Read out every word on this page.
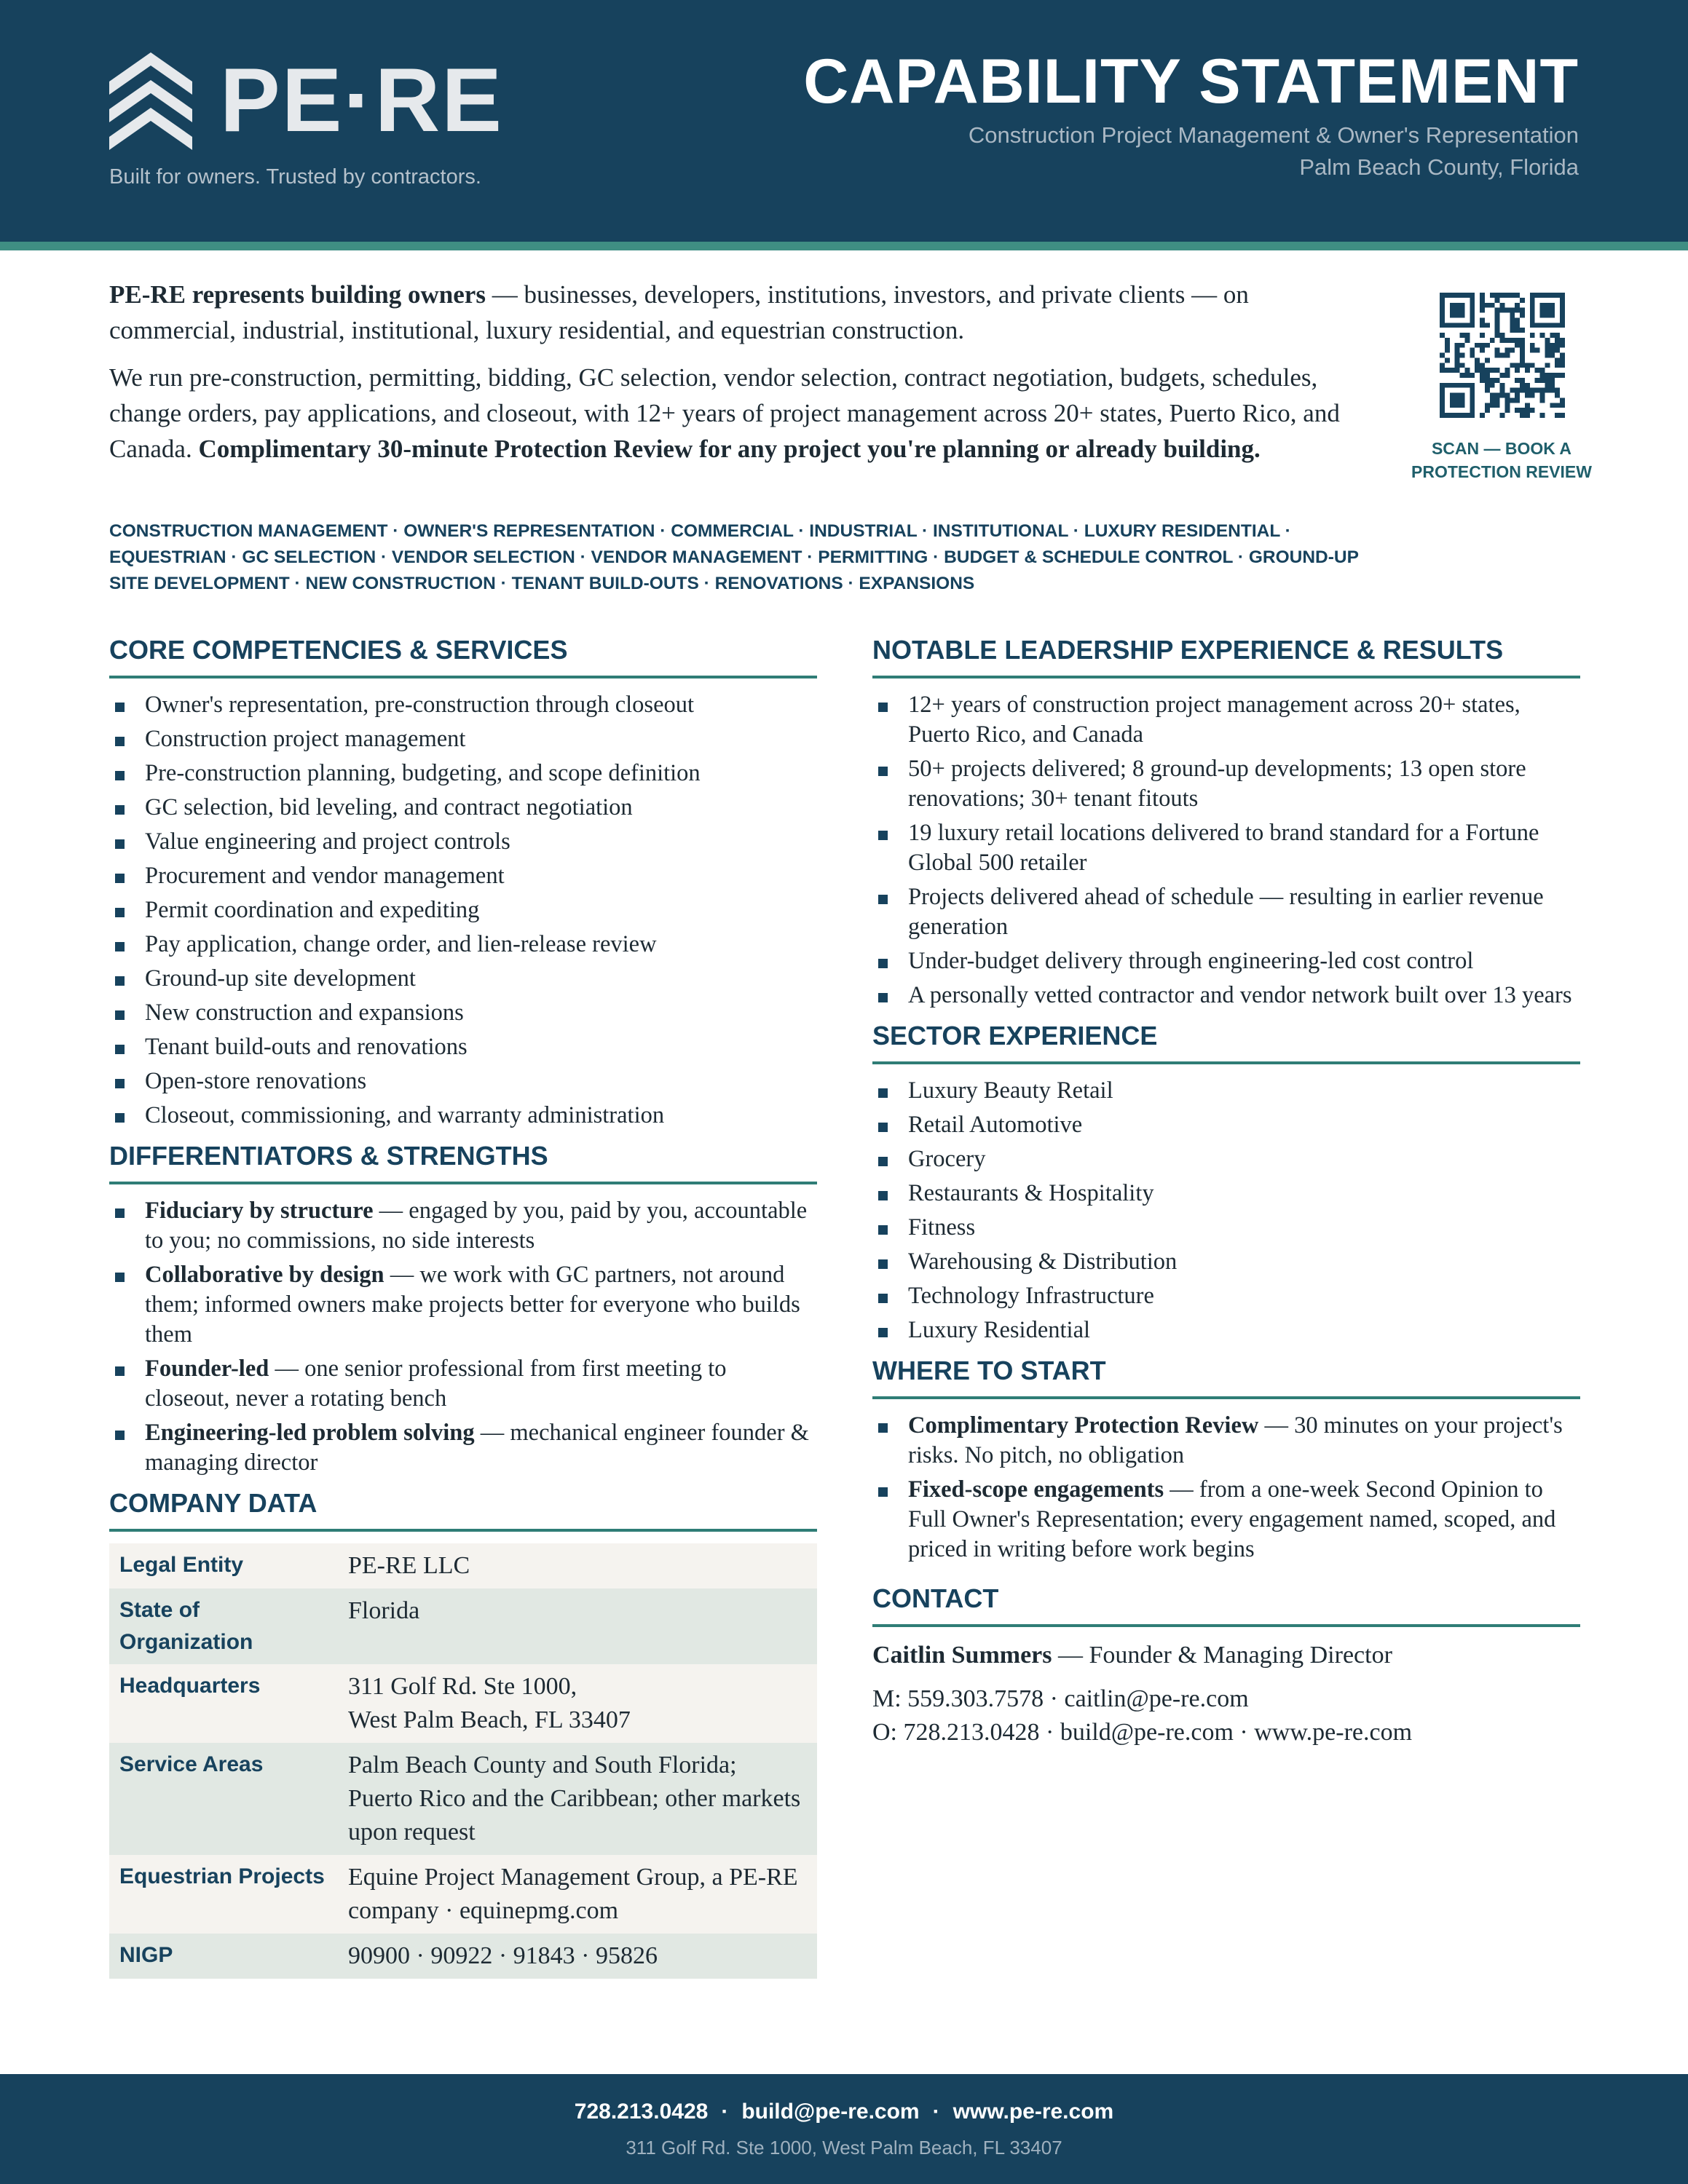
PE·RE
Built for owners. Trusted by contractors.
CAPABILITY STATEMENT
Construction Project Management & Owner's Representation
Palm Beach County, Florida

PE-RE represents building owners — businesses, developers, institutions, investors, and private clients — on commercial, industrial, institutional, luxury residential, and equestrian construction.

We run pre-construction, permitting, bidding, GC selection, vendor selection, contract negotiation, budgets, schedules, change orders, pay applications, and closeout, with 12+ years of project management across 20+ states, Puerto Rico, and Canada. Complimentary 30-minute Protection Review for any project you're planning or already building.

CONSTRUCTION MANAGEMENT · OWNER'S REPRESENTATION · COMMERCIAL · INDUSTRIAL · INSTITUTIONAL · LUXURY RESIDENTIAL · EQUESTRIAN · GC SELECTION · VENDOR SELECTION · VENDOR MANAGEMENT · PERMITTING · BUDGET & SCHEDULE CONTROL · GROUND-UP SITE DEVELOPMENT · NEW CONSTRUCTION · TENANT BUILD-OUTS · RENOVATIONS · EXPANSIONS
SCAN — BOOK A PROTECTION REVIEW
CORE COMPETENCIES & SERVICES
Owner's representation, pre-construction through closeout
Construction project management
Pre-construction planning, budgeting, and scope definition
GC selection, bid leveling, and contract negotiation
Value engineering and project controls
Procurement and vendor management
Permit coordination and expediting
Pay application, change order, and lien-release review
Ground-up site development
New construction and expansions
Tenant build-outs and renovations
Open-store renovations
Closeout, commissioning, and warranty administration
DIFFERENTIATORS & STRENGTHS
Fiduciary by structure — engaged by you, paid by you, accountable to you; no commissions, no side interests
Collaborative by design — we work with GC partners, not around them; informed owners make projects better for everyone who builds them
Founder-led — one senior professional from first meeting to closeout, never a rotating bench
Engineering-led problem solving — mechanical engineer founder & managing director
COMPANY DATA
Legal Entity	PE-RE LLC
State of Organization	Florida
Headquarters	311 Golf Rd. Ste 1000,
West Palm Beach, FL 33407
Service Areas	Palm Beach County and South Florida; Puerto Rico and the Caribbean; other markets upon request
Equestrian Projects	Equine Project Management Group, a PE-RE company · equinepmg.com
NIGP	90900 · 90922 · 91843 · 95826
NOTABLE LEADERSHIP EXPERIENCE & RESULTS
12+ years of construction project management across 20+ states, Puerto Rico, and Canada
50+ projects delivered; 8 ground-up developments; 13 open store renovations; 30+ tenant fitouts
19 luxury retail locations delivered to brand standard for a Fortune Global 500 retailer
Projects delivered ahead of schedule — resulting in earlier revenue generation
Under-budget delivery through engineering-led cost control
A personally vetted contractor and vendor network built over 13 years
SECTOR EXPERIENCE
Luxury Beauty Retail
Retail Automotive
Grocery
Restaurants & Hospitality
Fitness
Warehousing & Distribution
Technology Infrastructure
Luxury Residential
WHERE TO START
Complimentary Protection Review — 30 minutes on your project's risks. No pitch, no obligation
Fixed-scope engagements — from a one-week Second Opinion to Full Owner's Representation; every engagement named, scoped, and priced in writing before work begins
CONTACT
Caitlin Summers — Founder & Managing Director
M: 559.303.7578 · caitlin@pe-re.com
O: 728.213.0428 · build@pe-re.com · www.pe-re.com
728.213.0428 · build@pe-re.com · www.pe-re.com
311 Golf Rd. Ste 1000, West Palm Beach, FL 33407
